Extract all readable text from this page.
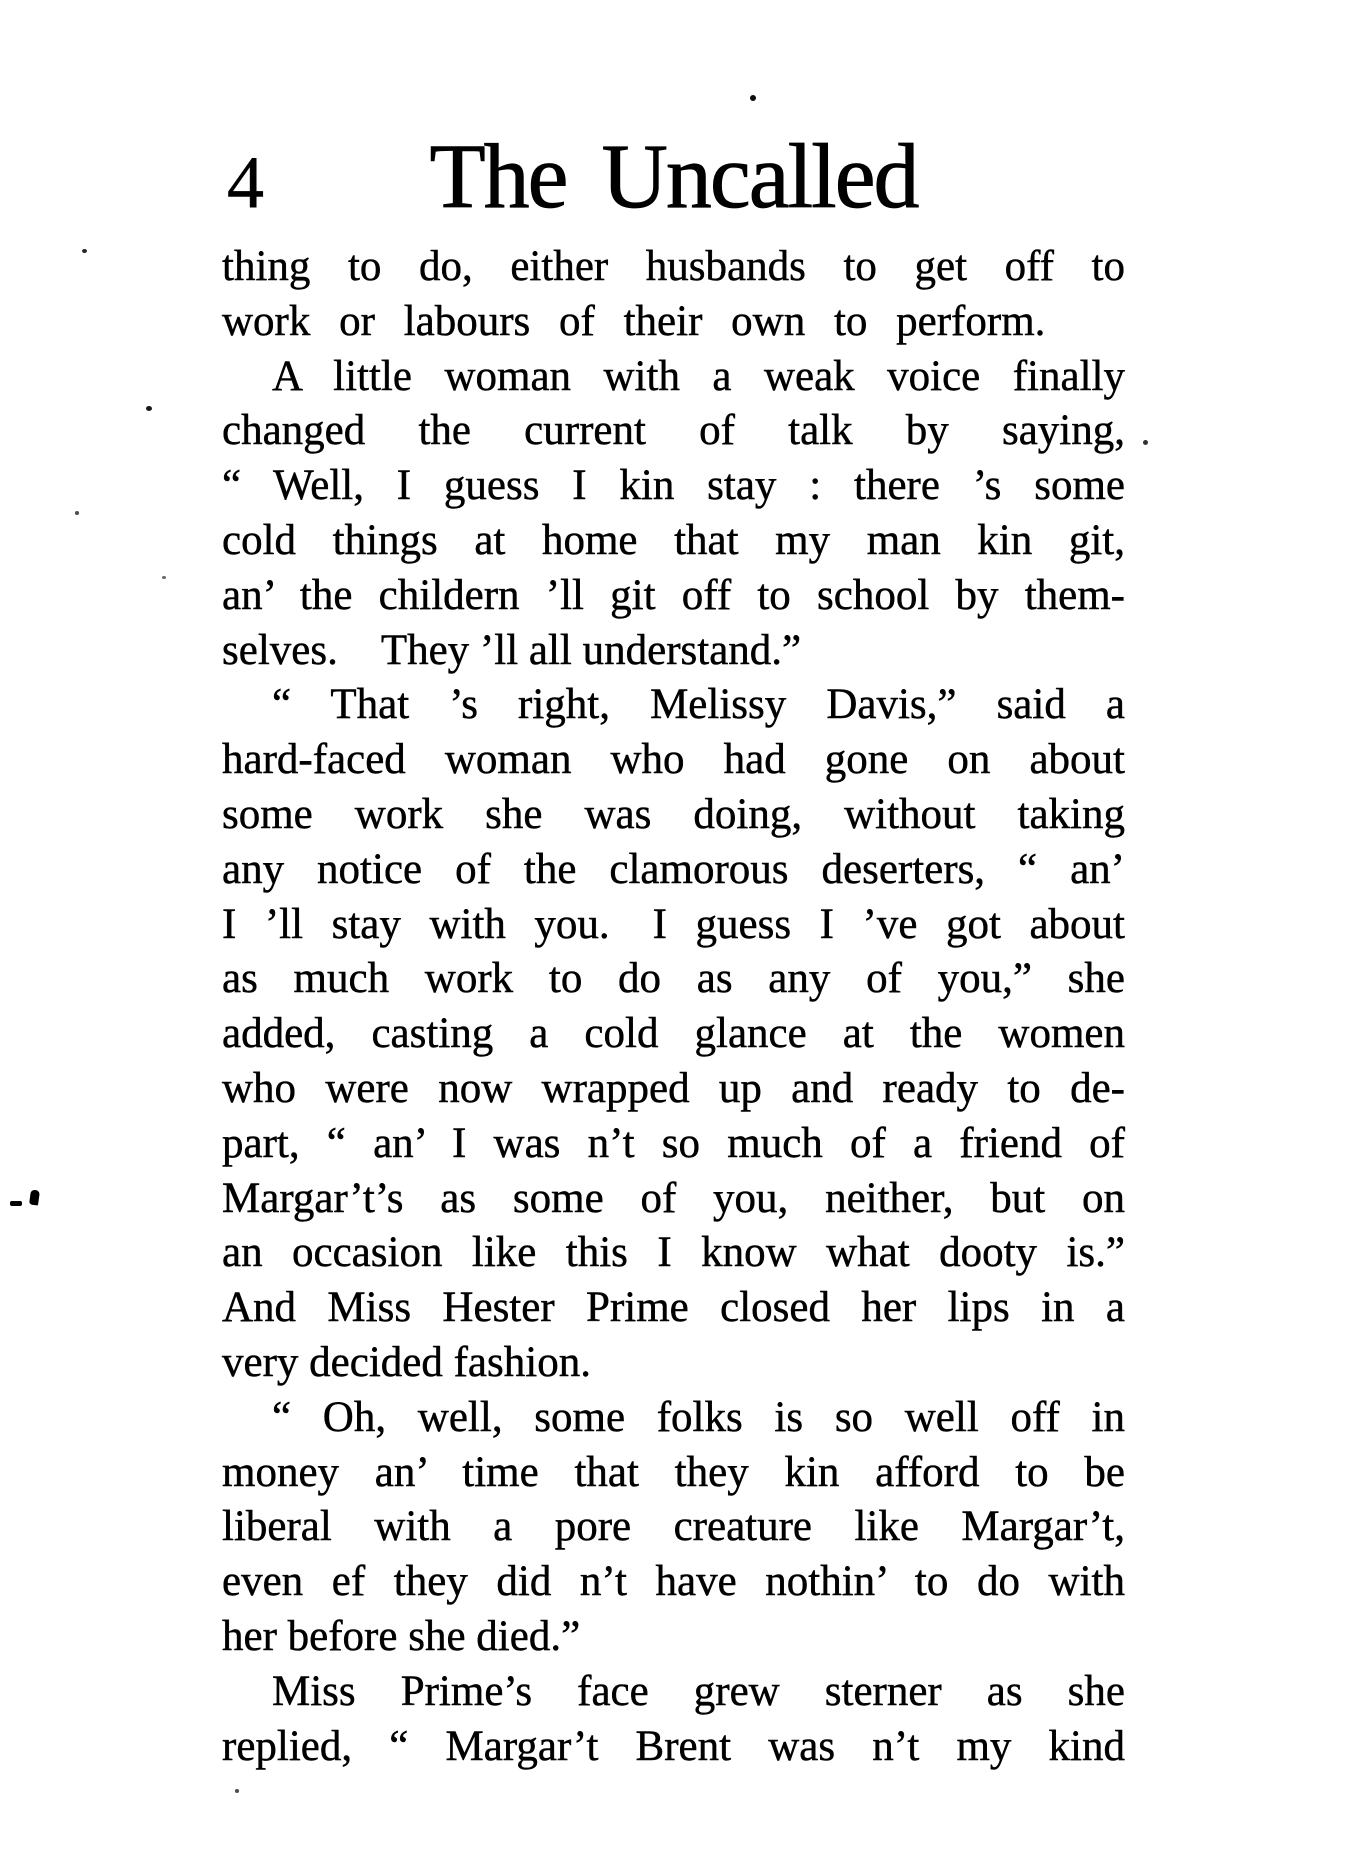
4	The Uncalled
thing to do, either husbands to get off to
work or labours of their own to perform.
A little woman with a weak voice finally
changed the current of talk by saying,
“ Well, I guess I kin stay : there ’s some
cold things at home that my man kin git,
an’ the childern ’ll git off to school by them-
selves. They ’ll all understand.”
“ That ’s right, Melissy Davis,” said a
hard-faced woman who had gone on about
some work she was doing, without taking
any notice of the clamorous deserters, “ an’
I ’ll stay with you. I guess I ’ve got about
as much work to do as any of you,” she
added, casting a cold glance at the women
who were now wrapped up and ready to de-
part, “ an’ I was n’t so much of a friend of
Margar’t’s as some of you, neither, but on
an occasion like this I know what dooty is.”
And Miss Hester Prime closed her lips in a
very decided fashion.
“ Oh, well, some folks is so well off in
money an’ time that they kin afford to be
liberal with a pore creature like Margar’t,
even ef they did n’t have nothin’ to do with
her before she died.”
Miss Prime’s face grew sterner as she
replied, “ Margar’t Brent was n’t my kind
